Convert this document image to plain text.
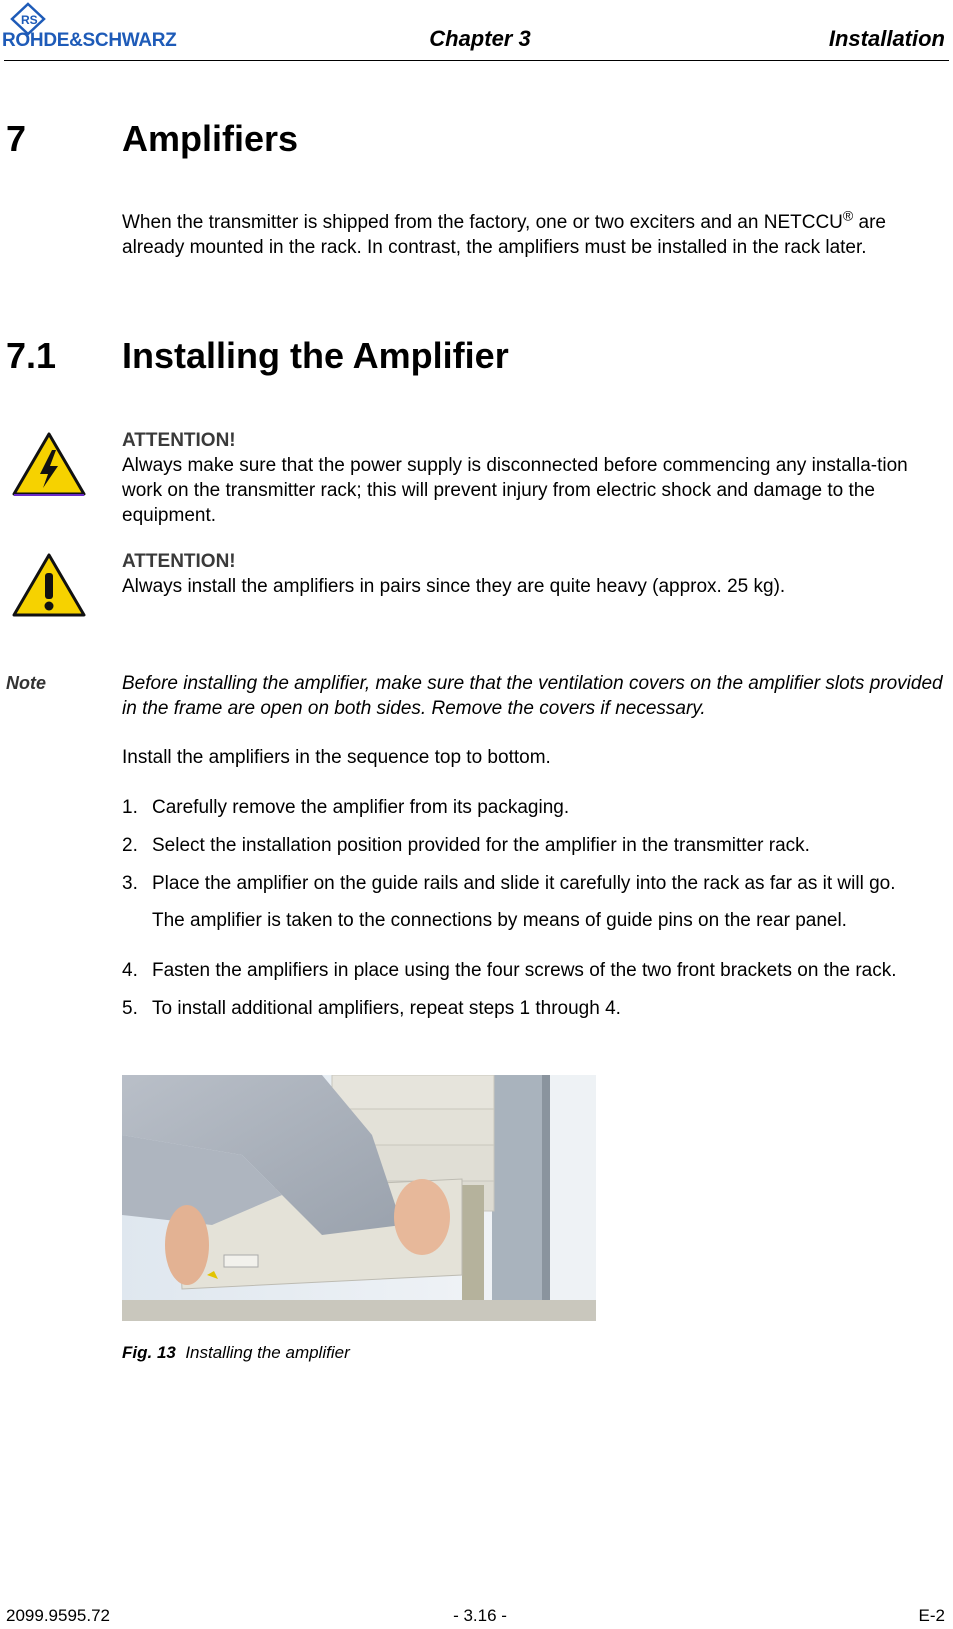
RS
ROHDE&SCHWARZ	Chapter 3	Installation
7	Amplifiers
When the transmitter is shipped from the factory, one or two exciters and an NETCCU® are already mounted in the rack. In contrast, the amplifiers must be installed in the rack later.
7.1 Installing the Amplifier
ATTENTION!
Always make sure that the power supply is disconnected before commencing any installa-tion work on the transmitter rack; this will prevent injury from electric shock and damage to the equipment.
ATTENTION!
Always install the amplifiers in pairs since they are quite heavy (approx. 25 kg).
Note	Before installing the amplifier, make sure that the ventilation covers on the amplifier slots provided in the frame are open on both sides. Remove the covers if necessary.
Install the amplifiers in the sequence top to bottom.
1. Carefully remove the amplifier from its packaging.
2. Select the installation position provided for the amplifier in the transmitter rack.
3. Place the amplifier on the guide rails and slide it carefully into the rack as far as it will go.
The amplifier is taken to the connections by means of guide pins on the rear panel.
4. Fasten the amplifiers in place using the four screws of the two front brackets on the rack.
5. To install additional amplifiers, repeat steps 1 through 4.
Fig. 13 Installing the amplifier
2099.9595.72	- 3.16 -	E-2
